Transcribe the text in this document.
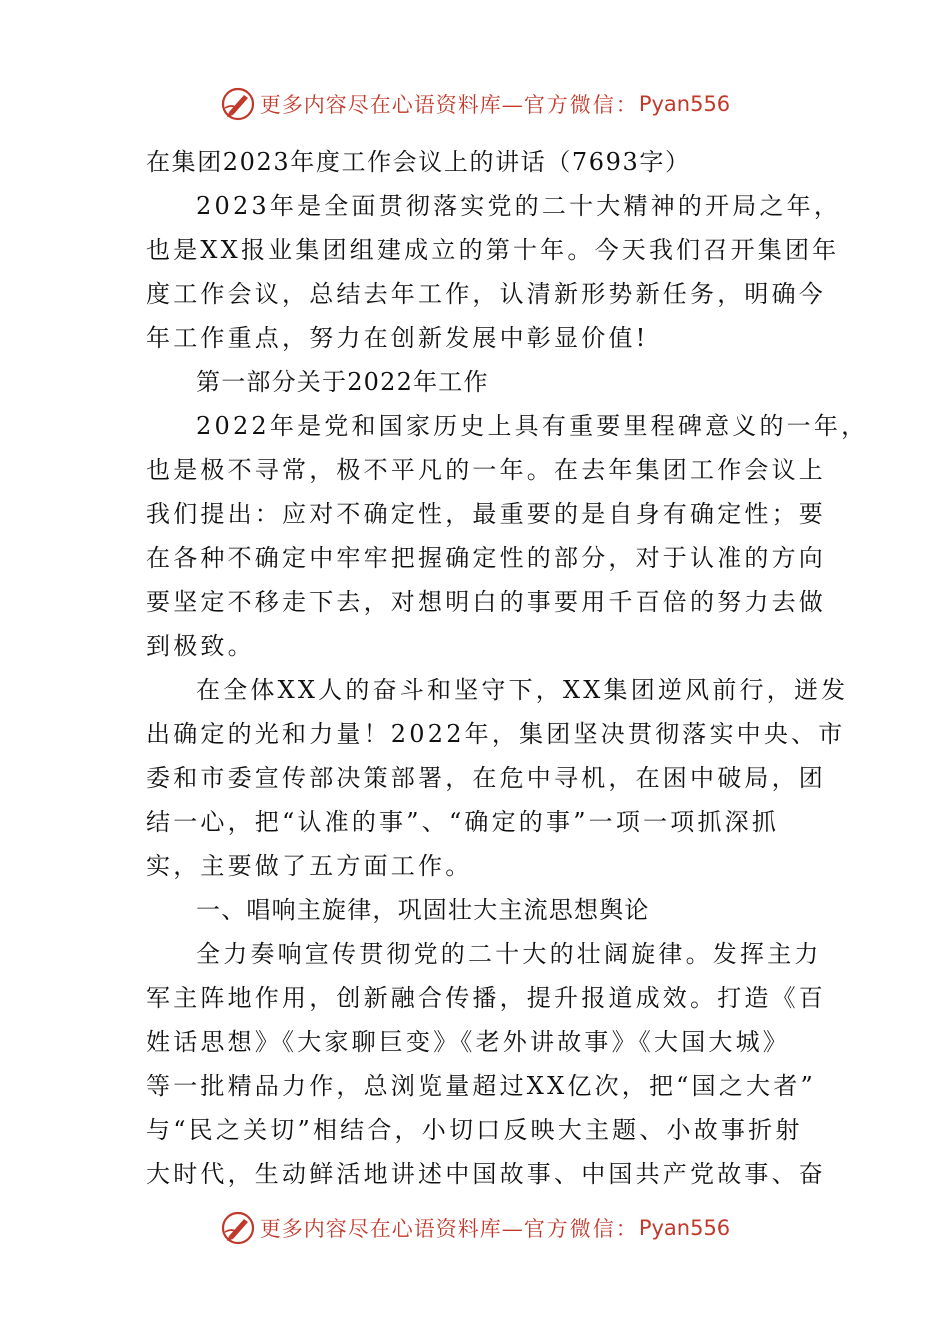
更多内容尽在心语资料库— 官方微信： Pyan556
在集团2023年度工作会议上的讲话（7693字）
2023年是全面贯彻落实党的二十大精神的开局之年，
也是XX报业集团组建成立的第十年。今天我们召开集团年
度工作会议，总结去年工作，认清新形势新任务，明确今
年工作重点，努力在创新发展中彰显价值!
第一部分关于2022年工作
2022年是党和国家历史上具有重要里程碑意义的一年，
也是极不寻常，极不平凡的一年。在去年集团工作会议上
我们提出：应对不确定性，最重要的是自身有确定性；要
在各种不确定中牢牢把握确定性的部分，对于认准的方向
要坚定不移走下去，对想明白的事要用千百倍的努力去做
到极致。
在全体XX人的奋斗和坚守下，XX集团逆风前行，迸发
出确定的光和力量！2022年，集团坚决贯彻落实中央、市
委和市委宣传部决策部署，在危中寻机，在困中破局，团
结一心，把“认准的事”、“确定的事”一项一项抓深抓
实，主要做了五方面工作。
一、唱响主旋律，巩固壮大主流思想舆论
全力奏响宣传贯彻党的二十大的壮阔旋律。发挥主力
军主阵地作用，创新融合传播，提升报道成效。打造《百
姓话思想》《大家聊巨变》《老外讲故事》《大国大城》
等一批精品力作，总浏览量超过XX亿次，把“国之大者”
与“民之关切”相结合，小切口反映大主题、小故事折射
大时代，生动鲜活地讲述中国故事、中国共产党故事、奋
更多内容尽在心语资料库— 官方微信： Pyan556
